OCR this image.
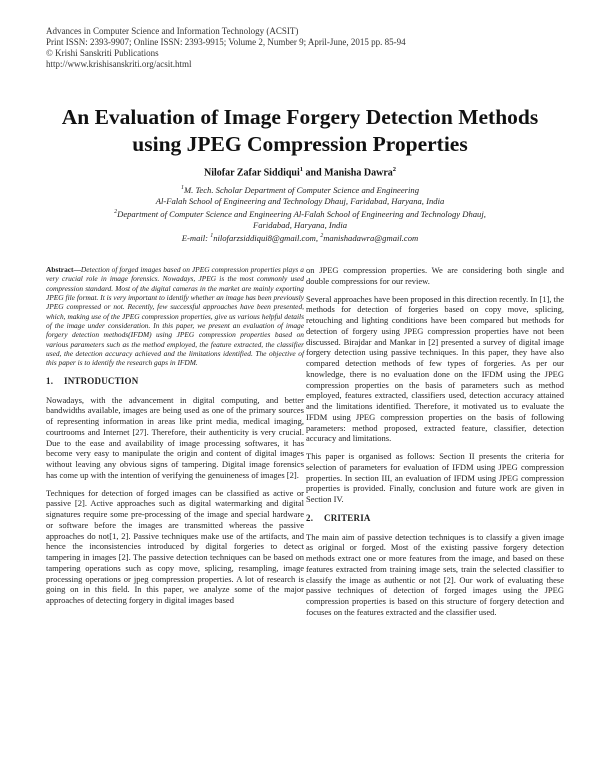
Advances in Computer Science and Information Technology (ACSIT)
Print ISSN: 2393-9907; Online ISSN: 2393-9915; Volume 2, Number 9; April-June, 2015 pp. 85-94
© Krishi Sanskriti Publications
http://www.krishisanskriti.org/acsit.html
An Evaluation of Image Forgery Detection Methods
using JPEG Compression Properties
Nilofar Zafar Siddiqui$^1$ and Manisha Dawra$^2$
$^1$M. Tech. Scholar Department of Computer Science and Engineering
Al-Falah School of Engineering and Technology Dhauj, Faridabad, Haryana, India
$^2$Department of Computer Science and Engineering Al-Falah School of Engineering and Technology Dhauj,
Faridabad, Haryana, India
E-mail: $^1$nilofarzsiddiqui8@gmail.com, $^2$manishadawra@gmail.com

Abstract—Detection of forged images based on JPEG compression properties plays a very crucial role in image forensics. Nowadays, JPEG is the most commonly used compression standard. Most of the digital cameras in the market are mainly exporting JPEG file format. It is very important to identify whether an image has been previously JPEG compressed or not. Recently, few successful approaches have been presented, which, making use of the JPEG compression properties, give us various helpful details of the image under consideration. In this paper, we present an evaluation of image forgery detection methods(IFDM) using JPEG compression properties based on various parameters such as the method employed, the feature extracted, the classifier used, the detection accuracy achieved and the limitations identified. The objective of this paper is to identify the research gaps in IFDM.

1. INTRODUCTION

Nowadays, with the advancement in digital computing, and better bandwidths available, images are being used as one of the primary sources of representing information in areas like print media, medical imaging, courtrooms and Internet [27]. Therefore, their authenticity is very crucial. Due to the ease and availability of image processing softwares, it has become very easy to manipulate the origin and content of digital images without leaving any obvious signs of tampering. Digital image forensics has come up with the intention of verifying the genuineness of images [2].

Techniques for detection of forged images can be classified as active or passive [2]. Active approaches such as digital watermarking and digital signatures require some pre-processing of the image and special hardware or software before the images are transmitted whereas the passive approaches do not[1, 2]. Passive techniques make use of the artifacts, and hence the inconsistencies introduced by digital forgeries to detect tampering in images [2]. The passive detection techniques can be based on tampering operations such as copy move, splicing, resampling, image processing operations or jpeg compression properties. A lot of research is going on in this field. In this paper, we analyze some of the major approaches of detecting forgery in digital images based

on JPEG compression properties. We are considering both single and double compressions for our review.

Several approaches have been proposed in this direction recently. In [1], the methods for detection of forgeries based on copy move, splicing, retouching and lighting conditions have been compared but methods for detection of forgery using JPEG compression properties have not been discussed. Birajdar and Mankar in [2] presented a survey of digital image forgery detection using passive techniques. In this paper, they have also compared detection methods of few types of forgeries. As per our knowledge, there is no evaluation done on the IFDM using the JPEG compression properties on the basis of parameters such as method employed, features extracted, classifiers used, detection accuracy attained and the limitations identified. Therefore, it motivated us to evaluate the IFDM using JPEG compression properties on the basis of following parameters: method proposed, extracted feature, classifier, detection accuracy and limitations.

This paper is organised as follows: Section II presents the criteria for selection of parameters for evaluation of IFDM using JPEG compression properties. In section III, an evaluation of IFDM using JPEG compression properties is provided. Finally, conclusion and future work are given in Section IV.

2. CRITERIA

The main aim of passive detection techniques is to classify a given image as original or forged. Most of the existing passive forgery detection methods extract one or more features from the image, and based on these features extracted from training image sets, train the selected classifier to classify the image as authentic or not [2]. Our work of evaluating these passive techniques of detection of forged images using the JPEG compression properties is based on this structure of forgery detection and focuses on the features extracted and the classifier used.
